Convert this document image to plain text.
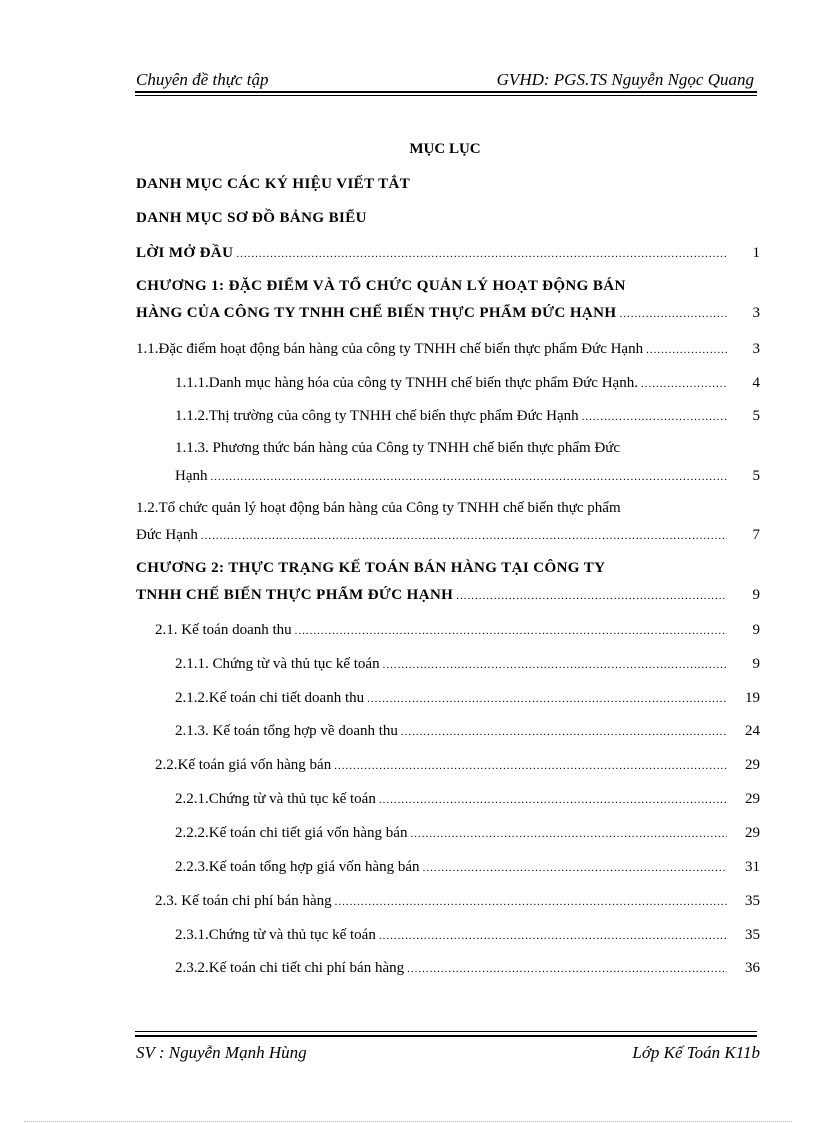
Chuyên đề thực tập	GVHD: PGS.TS Nguyễn Ngọc Quang
MỤC LỤC
DANH MỤC CÁC KÝ HIỆU VIẾT TẮT
DANH MỤC SƠ ĐỒ BẢNG BIỂU
LỜI MỞ ĐẦU .....	1
CHƯƠNG 1: ĐẶC ĐIỂM VÀ TỔ CHỨC QUẢN LÝ HOẠT ĐỘNG BÁN
HÀNG CỦA CÔNG TY TNHH CHẾ BIẾN THỰC PHẨM ĐỨC HẠNH .....	3
1.1.Đặc điểm hoạt động bán hàng của công ty TNHH chế biến thực phẩm Đức Hạnh .....	3
1.1.1.Danh mục hàng hóa của công ty TNHH chế biến thực phẩm Đức Hạnh. .....	4
1.1.2.Thị trường của công ty TNHH chế biến thực phẩm Đức Hạnh .....	5
1.1.3. Phương thức bán hàng của Công ty TNHH chế biến thực phẩm Đức
Hạnh .....	5
1.2.Tổ chức quản lý hoạt động bán hàng của Công ty TNHH chế biến thực phẩm
Đức Hạnh .....	7
CHƯƠNG 2: THỰC TRẠNG KẾ TOÁN BÁN HÀNG TẠI CÔNG TY
TNHH CHẾ BIẾN THỰC PHẨM ĐỨC HẠNH .....	9
2.1. Kế toán doanh thu .....	9
2.1.1. Chứng từ và thủ tục kế toán .....	9
2.1.2.Kế toán chi tiết doanh thu .....	19
2.1.3. Kế toán tổng hợp về doanh thu .....	24
2.2.Kế toán giá vốn hàng bán .....	29
2.2.1.Chứng từ và thủ tục kế toán .....	29
2.2.2.Kế toán chi tiết giá vốn hàng bán .....	29
2.2.3.Kế toán tổng hợp giá vốn hàng bán .....	31
2.3. Kế toán chi phí bán hàng .....	35
2.3.1.Chứng từ và thủ tục kế toán .....	35
2.3.2.Kế toán chi tiết chi phí bán hàng .....	36
SV : Nguyễn Mạnh Hùng	Lớp Kế Toán K11b
